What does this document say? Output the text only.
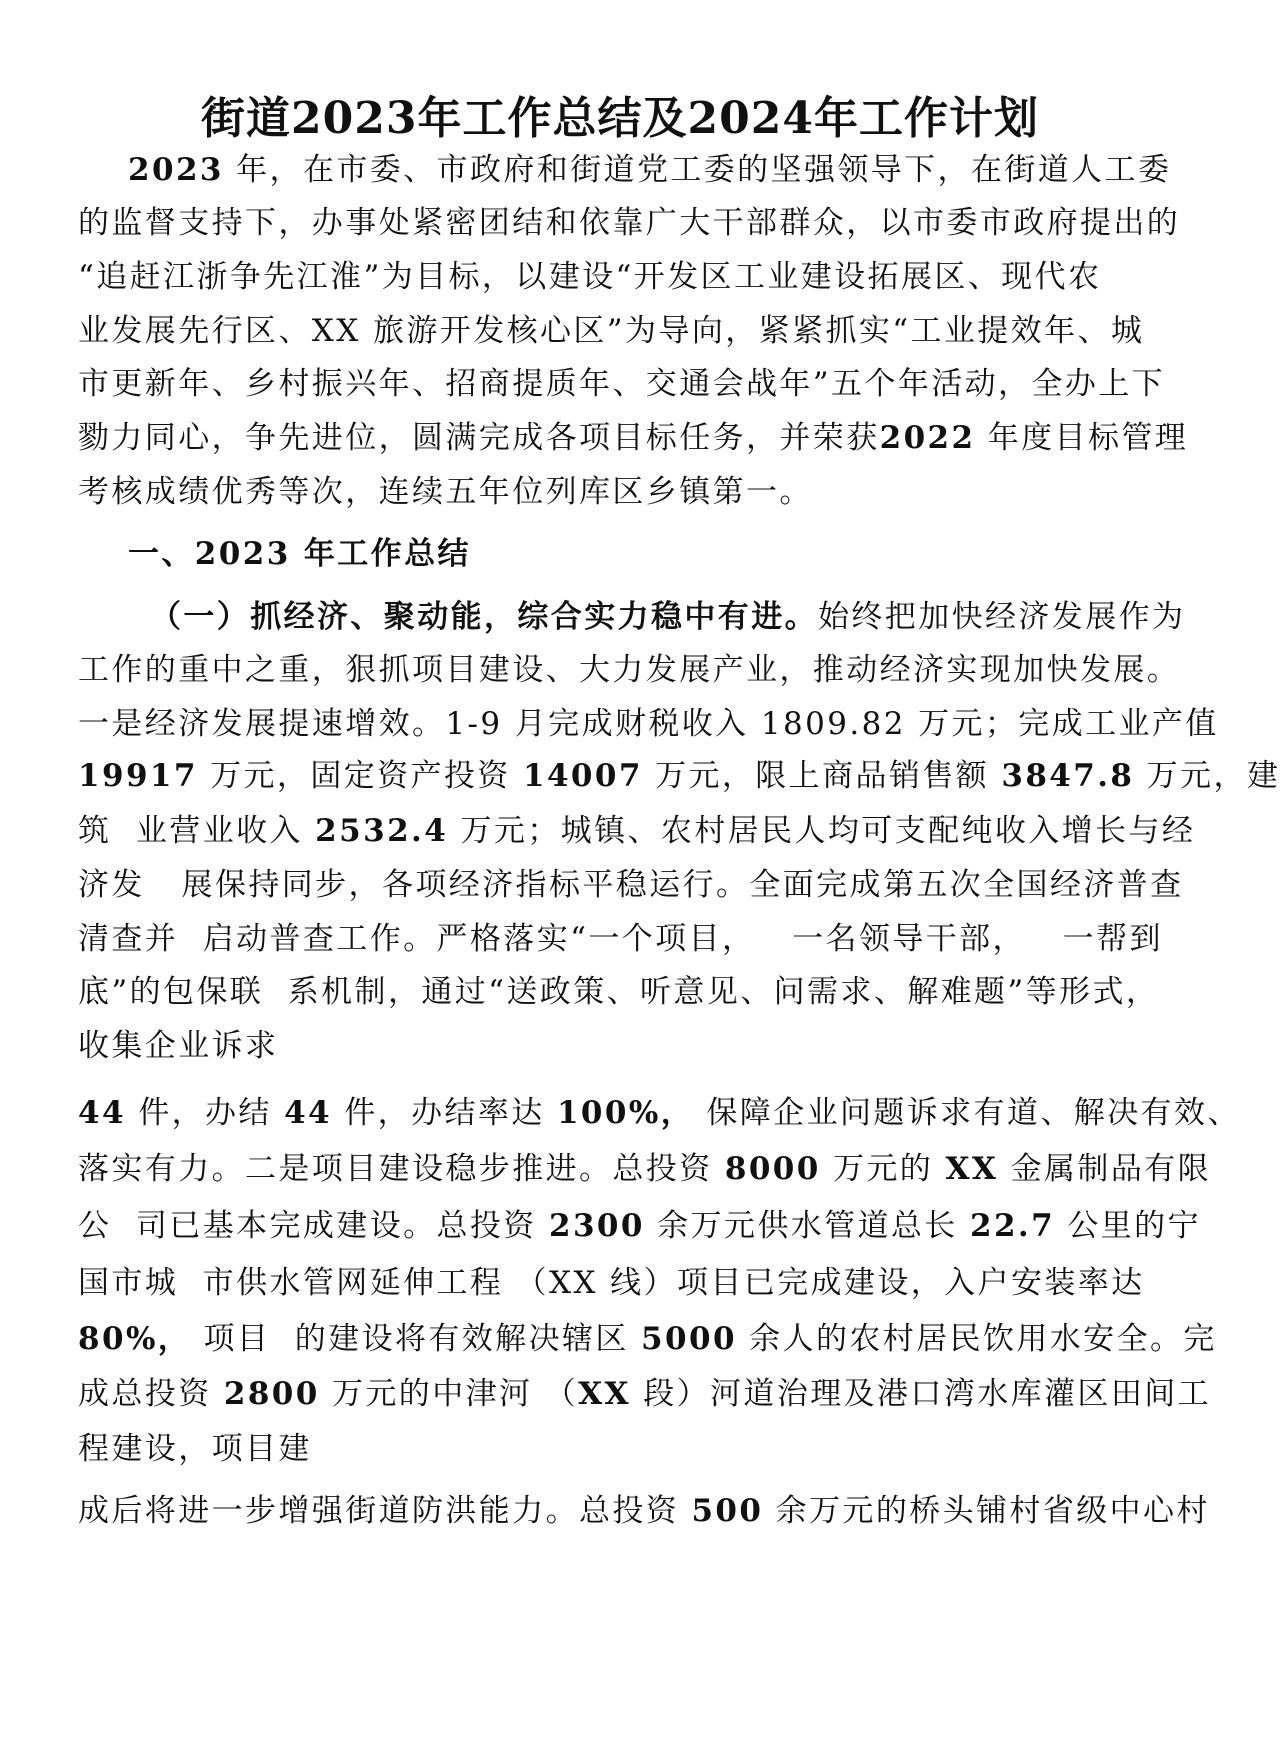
街道2023年工作总结及2024年工作计划
2023 年，在市委、市政府和街道党工委的坚强领导下，在街道人工委
的监督支持下，办事处紧密团结和依靠广大干部群众，以市委市政府提出的
“追赶江浙争先江淮”为目标，以建设“开发区工业建设拓展区、现代农
业发展先行区、XX 旅游开发核心区”为导向，紧紧抓实“工业提效年、城
市更新年、乡村振兴年、招商提质年、交通会战年”五个年活动，全办上下
勠力同心，争先进位，圆满完成各项目标任务，并荣获2022 年度目标管理
考核成绩优秀等次，连续五年位列库区乡镇第一。
一、2023 年工作总结
（一）抓经济、聚动能，综合实力稳中有进。始终把加快经济发展作为
工作的重中之重，狠抓项目建设、大力发展产业，推动经济实现加快发展。
一是经济发展提速增效。1-9 月完成财税收入 1809.82 万元；完成工业产值
19917 万元，固定资产投资 14007 万元，限上商品销售额 3847.8 万元，建
筑  业营业收入 2532.4 万元；城镇、农村居民人均可支配纯收入增长与经
济发   展保持同步，各项经济指标平稳运行。全面完成第五次全国经济普查
清查并  启动普查工作。严格落实“一个项目，   一名领导干部，   一帮到
底”的包保联  系机制，通过“送政策、听意见、问需求、解难题”等形式，
收集企业诉求
44 件，办结 44 件，办结率达 100%， 保障企业问题诉求有道、解决有效、
落实有力。二是项目建设稳步推进。总投资 8000 万元的 XX 金属制品有限
公  司已基本完成建设。总投资 2300 余万元供水管道总长 22.7 公里的宁
国市城  市供水管网延伸工程 （XX 线）项目已完成建设，入户安装率达
80%， 项目  的建设将有效解决辖区 5000 余人的农村居民饮用水安全。完
成总投资 2800 万元的中津河 （XX 段）河道治理及港口湾水库灌区田间工
程建设，项目建
成后将进一步增强街道防洪能力。总投资 500 余万元的桥头铺村省级中心村
